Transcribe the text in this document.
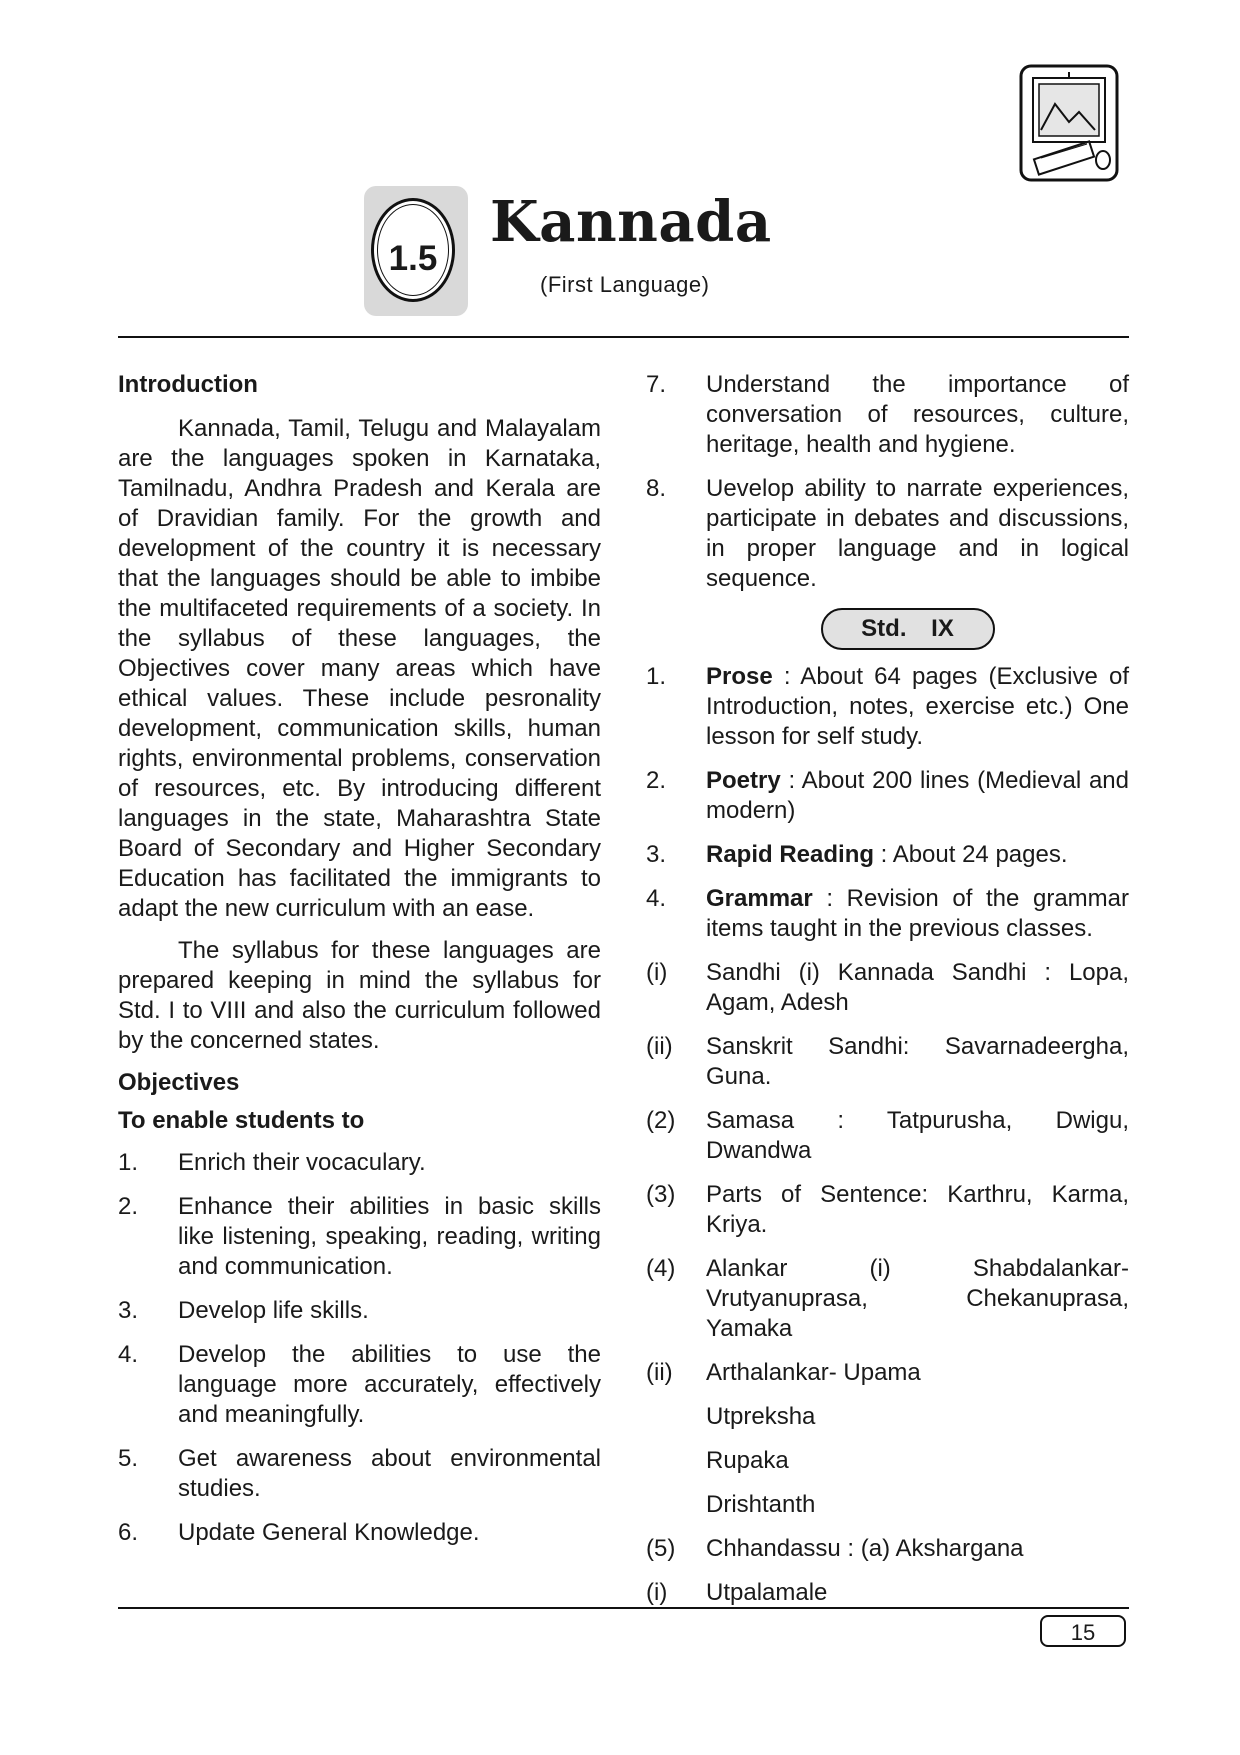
1.5
Kannada
(First Language)
Introduction

Kannada, Tamil, Telugu and Malayalam are the languages spoken in Karnataka, Tamilnadu, Andhra Pradesh and Kerala are of Dravidian family. For the growth and development of the country it is necessary that the languages should be able to imbibe the multifaceted requirements of a society. In the syllabus of these languages, the Objectives cover many areas which have ethical values. These include pesronality development, communication skills, human rights, environmental problems, conservation of resources, etc. By introducing different languages in the state, Maharashtra State Board of Secondary and Higher Secondary Education has facilitated the immigrants to adapt the new curriculum with an ease.

The syllabus for these languages are prepared keeping in mind the syllabus for Std. I to VIII and also the curriculum followed by the concerned states.

Objectives
To enable students to
1.	Enrich their vocaculary.
2.	Enhance their abilities in basic skills like listening, speaking, reading, writing and communication.
3.	Develop life skills.
4.	Develop the abilities to use the language more accurately, effectively and meaningfully.
5.	Get awareness about environmental studies.
6.	Update General Knowledge.
7.	Understand the importance of conversation of resources, culture, heritage, health and hygiene.
8.	Uevelop ability to narrate experiences, participate in debates and discussions, in proper language and in logical sequence.
Std. IX
1.	Prose : About 64 pages (Exclusive of Introduction, notes, exercise etc.) One lesson for self study.
2.	Poetry : About 200 lines (Medieval and modern)
3.	Rapid Reading : About 24 pages.
4.	Grammar : Revision of the grammar items taught in the previous classes.
(i)	Sandhi (i) Kannada Sandhi : Lopa, Agam, Adesh
(ii)	Sanskrit Sandhi: Savarnadeergha, Guna.
(2)	Samasa : Tatpurusha, Dwigu, Dwandwa
(3)	Parts of Sentence: Karthru, Karma, Kriya.
(4)	Alankar (i) Shabdalankar- Vrutyanuprasa, Chekanuprasa, Yamaka
(ii)	Arthalankar- Upama
Utpreksha
Rupaka
Drishtanth
(5)	Chhandassu : (a) Akshargana
(i)	Utpalamale
15
